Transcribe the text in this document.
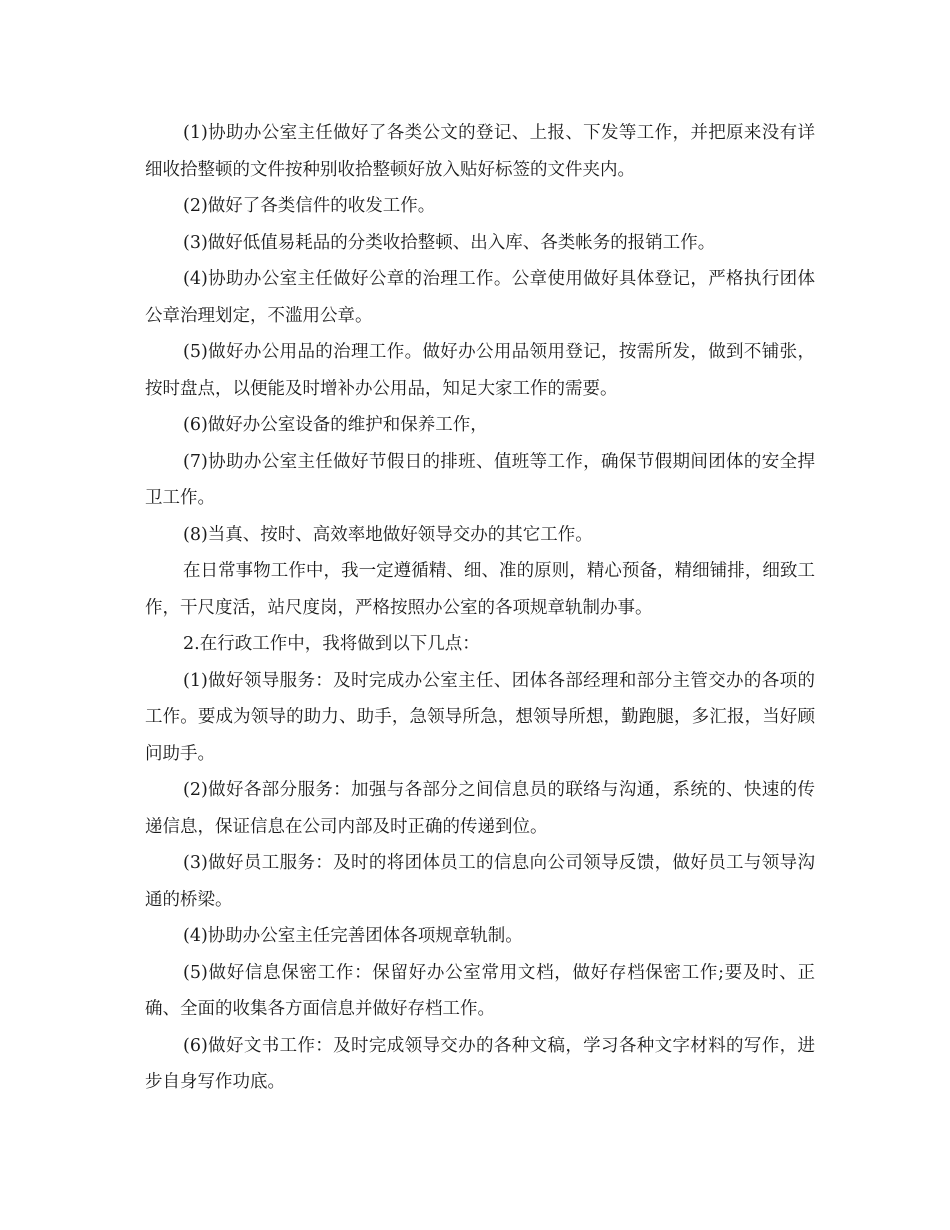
(1)协助办公室主任做好了各类公文的登记、上报、下发等工作，并把原来没有详细收拾整顿的文件按种别收拾整顿好放入贴好标签的文件夹内。

(2)做好了各类信件的收发工作。

(3)做好低值易耗品的分类收拾整顿、出入库、各类帐务的报销工作。

(4)协助办公室主任做好公章的治理工作。公章使用做好具体登记，严格执行团体公章治理划定，不滥用公章。

(5)做好办公用品的治理工作。做好办公用品领用登记，按需所发，做到不铺张，按时盘点，以便能及时增补办公用品，知足大家工作的需要。

(6)做好办公室设备的维护和保养工作，

(7)协助办公室主任做好节假日的排班、值班等工作，确保节假期间团体的安全捍卫工作。

(8)当真、按时、高效率地做好领导交办的其它工作。

在日常事物工作中，我一定遵循精、细、准的原则，精心预备，精细铺排，细致工作，干尺度活，站尺度岗，严格按照办公室的各项规章轨制办事。

2.在行政工作中，我将做到以下几点：

(1)做好领导服务：及时完成办公室主任、团体各部经理和部分主管交办的各项的工作。要成为领导的助力、助手，急领导所急，想领导所想，勤跑腿，多汇报，当好顾问助手。

(2)做好各部分服务：加强与各部分之间信息员的联络与沟通，系统的、快速的传递信息，保证信息在公司内部及时正确的传递到位。

(3)做好员工服务：及时的将团体员工的信息向公司领导反馈，做好员工与领导沟通的桥梁。

(4)协助办公室主任完善团体各项规章轨制。

(5)做好信息保密工作：保留好办公室常用文档，做好存档保密工作;要及时、正确、全面的收集各方面信息并做好存档工作。

(6)做好文书工作：及时完成领导交办的各种文稿，学习各种文字材料的写作，进步自身写作功底。
